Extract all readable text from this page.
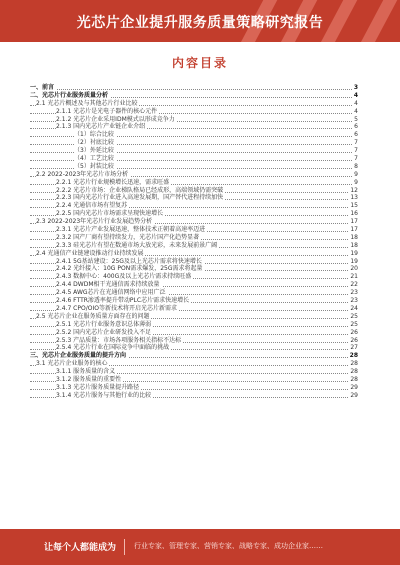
光芯片企业提升服务质量策略研究报告
内容目录
一、前言	3
二、光芯片行业服务质量分析	4
2.1 光芯片概述及与其他芯片行业比较	4
2.1.1 光芯片是光电子器件的核心元件	4
2.1.2 光芯片企业采用IDM模式以形成竞争力	5
2.1.3 国内光芯片产业链企业介绍	6
（1）综合比较	6
（2）衬底比较	7
（3）外延比较	7
（4）工艺比较	7
（5）封装比较	8
2.2 2022-2023年光芯片市场分析	9
2.2.1 光芯片行业规模增长迅速，需求旺盛	9
2.2.2 光芯片市场：企业梯队格局已经成形，高端领域仍需突破	12
2.2.3 国内光芯片行业进入高速发展期，国产替代进程持续加快	13
2.2.4 光通信市场有望复苏	15
2.2.5 国内光芯片市场需求呈现快速增长	16
2.3 2022-2023年光芯片行业发展趋势分析	17
2.3.1 光芯片产业发展迅速，整体技术正朝着高速率迈进	17
2.3.2 国产厂商有望持续发力，光芯片国产化趋势显著	18
2.3.3 硅光芯片有望在数通市场大放光彩，未来发展前景广阔	18
2.4 光通信产业链建设推动行业持续发展	19
2.4.1 5G基站建设：25G及以上光芯片需求将快速增长	19
2.4.2 光纤接入：10G PON需求爆发，25G需求将起量	20
2.4.3 数据中心：400G及以上光芯片需求持续旺盛	21
2.4.4 DWDM相干光通信需求持续放量	22
2.4.5 AWG芯片在光通信网络中应用广泛	23
2.4.6 FTTR渗透率提升带动PLC芯片需求快速增长	23
2.4.7 CPO/OIO等新技术将开启光芯片新需求	24
2.5 光芯片企业在服务质量方面存在的问题	25
2.5.1 光芯片行业服务意识总体薄弱	25
2.5.2 国内光芯片企业研发投入不足	26
2.5.3 产品质量：市场各项服务相关指标不达标	26
2.5.4 光芯片行业在国际竞争中面临的挑战	27
三、光芯片企业服务质量的提升方向	28
3.1 光芯片企业服务的核心	28
3.1.1 服务质量的含义	28
3.1.2 服务质量的重要性	28
3.1.3 光芯片服务质量提升路径	29
3.1.4 光芯片服务与其他行业的比较	29
让每个人都能成为	行业专家、管理专家、营销专家、战略专家、成功企业家……
